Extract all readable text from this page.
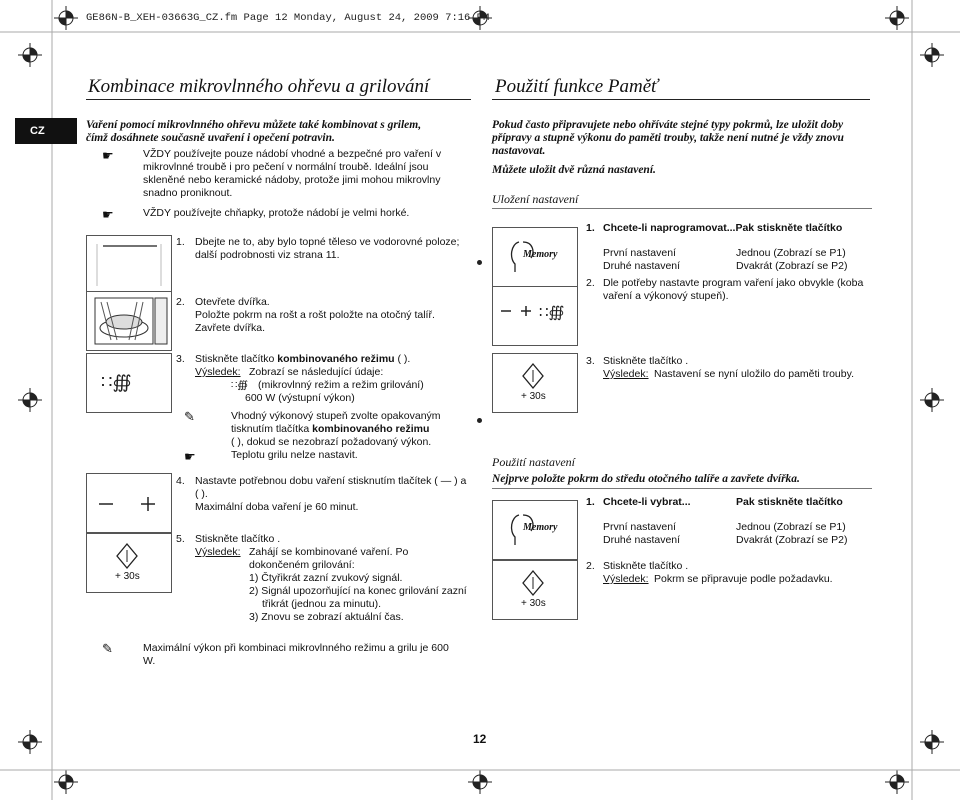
GE86N-B_XEH-03663G_CZ.fm Page 12 Monday, August 24, 2009 7:16 PM
Kombinace mikrovlnného ohřevu a grilování	Použití funkce Paměť
CZ	Vaření pomocí mikrovlnného ohřevu můžete také kombinovat s grilem,
čímž dosáhnete současně uvaření i opečení potravin.
☛	VŽDY používejte pouze nádobí vhodné a bezpečné pro vaření v
mikrovlnné troubě i pro pečení v normální troubě. Ideální jsou
skleněné nebo keramické nádoby, protože jimi mohou mikrovlny
snadno proniknout.
☛	VŽDY používejte chňapky, protože nádobí je velmi horké.
1. Dbejte ne to, aby bylo topné těleso ve vodorovné poloze;
další podrobnosti viz strana 11.
2. Otevřete dvířka.
Položte pokrm na rošt a rošt položte na otočný talíř.
Zavřete dvířka.
∷∰
3. Stiskněte tlačítko kombinovaného režimu ( ).
Výsledek: Zobrazí se následující údaje:
∷∰ (mikrovlnný režim a režim grilování)
600 W (výstupní výkon)
✎	Vhodný výkonový stupeň zvolte opakovaným
tisknutím tlačítka kombinovaného režimu
( ), dokud se nezobrazí požadovaný výkon.
☛	Teplotu grilu nelze nastavit.
4. Nastavte potřebnou dobu vaření stisknutím tlačítek ( — ) a
( ).
Maximální doba vaření je 60 minut.
+ 30s
5. Stiskněte tlačítko .
Výsledek: Zahájí se kombinované vaření. Po
dokončeném grilování:
1) Čtyřikrát zazní zvukový signál.
2) Signál upozorňující na konec grilování zazní
třikrát (jednou za minutu).
3) Znovu se zobrazí aktuální čas.
✎	Maximální výkon při kombinaci mikrovlnného režimu a grilu je 600
W.
Pokud často připravujete nebo ohříváte stejné typy pokrmů, lze uložit doby
přípravy a stupně výkonu do paměti trouby, takže není nutné je vždy znovu
nastavovat.
Můžete uložit dvě různá nastavení.
Uložení nastavení
Memory
∷∰
1. Chcete-li naprogramovat...Pak stiskněte tlačítko
První nastavení	Jednou (Zobrazí se P1)
Druhé nastavení	Dvakrát (Zobrazí se P2)
2. Dle potřeby nastavte program vaření jako obvykle (koba
vaření a výkonový stupeň).
+ 30s
3. Stiskněte tlačítko .
Výsledek: Nastavení se nyní uložilo do paměti trouby.
Použití nastavení
Nejprve položte pokrm do středu otočného talíře a zavřete dvířka.
Memory
1. Chcete-li vybrat...	Pak stiskněte tlačítko
První nastavení	Jednou (Zobrazí se P1)
Druhé nastavení	Dvakrát (Zobrazí se P2)
+ 30s
2. Stiskněte tlačítko .
Výsledek: Pokrm se připravuje podle požadavku.
12
